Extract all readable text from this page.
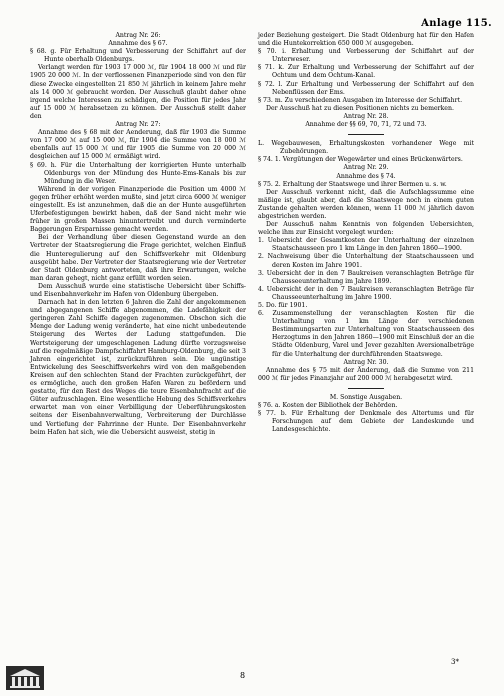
Anlage 115.

Antrag Nr. 26:

Annahme des § 67.

§ 68. g. Für Erhaltung und Verbesserung der Schiffahrt auf der Hunte oberhalb Oldenburgs.

Verlangt werden für 1903 17 000 ℳ, für 1904 18 000 ℳ und für 1905 20 000 ℳ. In der verflossenen Finanzperiode sind von den für diese Zwecke eingestellten 21 850 ℳ jährlich in keinem Jahre mehr als 14 000 ℳ gebraucht worden. Der Ausschuß glaubt daher ohne irgend welche Interessen zu schädigen, die Position für jedes Jahr auf 15 000 ℳ herabsetzen zu können. Der Ausschuß stellt daher den

Antrag Nr. 27:

Annahme des § 68 mit der Aenderung, daß für 1903 die Summe von 17 000 ℳ auf 15 000 ℳ, für 1904 die Summe von 18 000 ℳ ebenfalls auf 15 000 ℳ und für 1905 die Summe von 20 000 ℳ desgleichen auf 15 000 ℳ ermäßigt wird.

§ 69. h. Für die Unterhaltung der korrigierten Hunte unterhalb Oldenburgs von der Mündung des Hunte-Ems-Kanals bis zur Mündung in die Weser.

Während in der vorigen Finanzperiode die Position um 4000 ℳ gegen früher erhöht werden mußte, sind jetzt circa 6000 ℳ weniger eingestellt. Es ist anzunehmen, daß die an der Hunte ausgeführten Uferbefestigungen bewirkt haben, daß der Sand nicht mehr wie früher in großen Massen hinuntertreibt und durch verminderte Baggerungen Ersparnisse gemacht werden.

Bei der Verhandlung über diesen Gegenstand wurde an den Vertreter der Staatsregierung die Frage gerichtet, welchen Einfluß die Hunteregulierung auf den Schiffsverkehr mit Oldenburg ausgeübt habe. Der Vertreter der Staatsregierung wie der Vertreter der Stadt Oldenburg antworteten, daß ihre Erwartungen, welche man daran gehegt, nicht ganz erfüllt worden seien.

Dem Ausschuß wurde eine statistische Uebersicht über Schiffs- und Eisenbahnverkehr im Hafen von Oldenburg übergeben.

Darnach hat in den letzten 6 Jahren die Zahl der angekommenen und abgegangenen Schiffe abgenommen, die Ladefähigkeit der geringeren Zahl Schiffe dagegen zugenommen. Obschon sich die Menge der Ladung wenig veränderte, hat eine nicht unbedeutende Steigerung des Wertes der Ladung stattgefunden. Die Wertsteigerung der umgeschlagenen Ladung dürfte vorzugsweise auf die regelmäßige Dampfschiffahrt Hamburg-Oldenburg, die seit 3 Jahren eingerichtet ist, zurückzuführen sein. Die ungünstige Entwickelung des Seeschiffsverkehrs wird von den maßgebenden Kreisen auf den schlechten Stand der Frachten zurückgeführt, der es ermögliche, auch den großen Hafen Waren zu befördern und gestatte, für den Rest des Weges die teure Eisenbahnfracht auf die Güter aufzuschlagen. Eine wesentliche Hebung des Schiffsverkehrs erwartet man von einer Verbilligung der Ueberführungskosten seitens der Eisenbahnverwaltung, Verbreiterung der Durchlässe und Vertiefung der Fahrrinne der Hunte. Der Eisenbahnverkehr beim Hafen hat sich, wie die Uebersicht ausweist, stetig in

jeder Beziehung gesteigert. Die Stadt Oldenburg hat für den Hafen und die Huntekorrektion 650 000 ℳ ausgegeben.

§ 70. i. Erhaltung und Verbesserung der Schiffahrt auf der Unterweser.

§ 71. k. Zur Erhaltung und Verbesserung der Schiffahrt auf der Ochtum und dem Ochtum-Kanal.

§ 72. l. Zur Erhaltung und Verbesserung der Schiffahrt auf den Nebenflüssen der Ems.

§ 73. m. Zu verschiedenen Ausgaben im Interesse der Schiffahrt.

Der Ausschuß hat zu diesen Positionen nichts zu bemerken.

Antrag Nr. 28.

Annahme der §§ 69, 70, 71, 72 und 73.

L. Wegebauwesen, Erhaltungskosten vorhandener Wege mit Zubehörungen.

§ 74. 1. Vergütungen der Wegewärter und eines Brückenwärters.

Antrag Nr. 29.

Annahme des § 74.

§ 75. 2. Erhaltung der Staatswege und ihrer Bermen u. s. w.

Der Ausschuß verkennt nicht, daß die Aufschlagssumme eine mäßige ist, glaubt aber, daß die Staatswege noch in einem guten Zustande gehalten werden können, wenn 11 000 ℳ jährlich davon abgestrichen werden.

Der Ausschuß nahm Kenntnis von folgenden Uebersichten, welche ihm zur Einsicht vorgelegt wurden:

1. Uebersicht der Gesamtkosten der Unterhaltung der einzelnen Staatschausseen pro 1 km Länge in den Jahren 1860—1900.

2. Nachweisung über die Unterhaltung der Staatschausseen und deren Kosten im Jahre 1901.

3. Uebersicht der in den 7 Baukreisen veranschlagten Beträge für Chausseeunterhaltung im Jahre 1899.

4. Uebersicht der in den 7 Baukreisen veranschlagten Beträge für Chausseeunterhaltung im Jahre 1900.

5. Do. für 1901.

6. Zusammenstellung der veranschlagten Kosten für die Unterhaltung von 1 km Länge der verschiedenen Bestimmungsarten zur Unterhaltung von Staatschausseen des Herzogtums in den Jahren 1860—1900 mit Einschluß der an die Städte Oldenburg, Varel und Jever gezahlten Aversionalbeträge für die Unterhaltung der durchführenden Staatswege.

Antrag Nr. 30.

Annahme des § 75 mit der Änderung, daß die Summe von 211 000 ℳ für jedes Finanzjahr auf 200 000 ℳ herabgesetzt wird.

M. Sonstige Ausgaben.

§ 76. a. Kosten der Bibliothek der Behörden.

§ 77. b. Für Erhaltung der Denkmale des Altertums und für Forschungen auf dem Gebiete der Landeskunde und Landesgeschichte.

8
3*
